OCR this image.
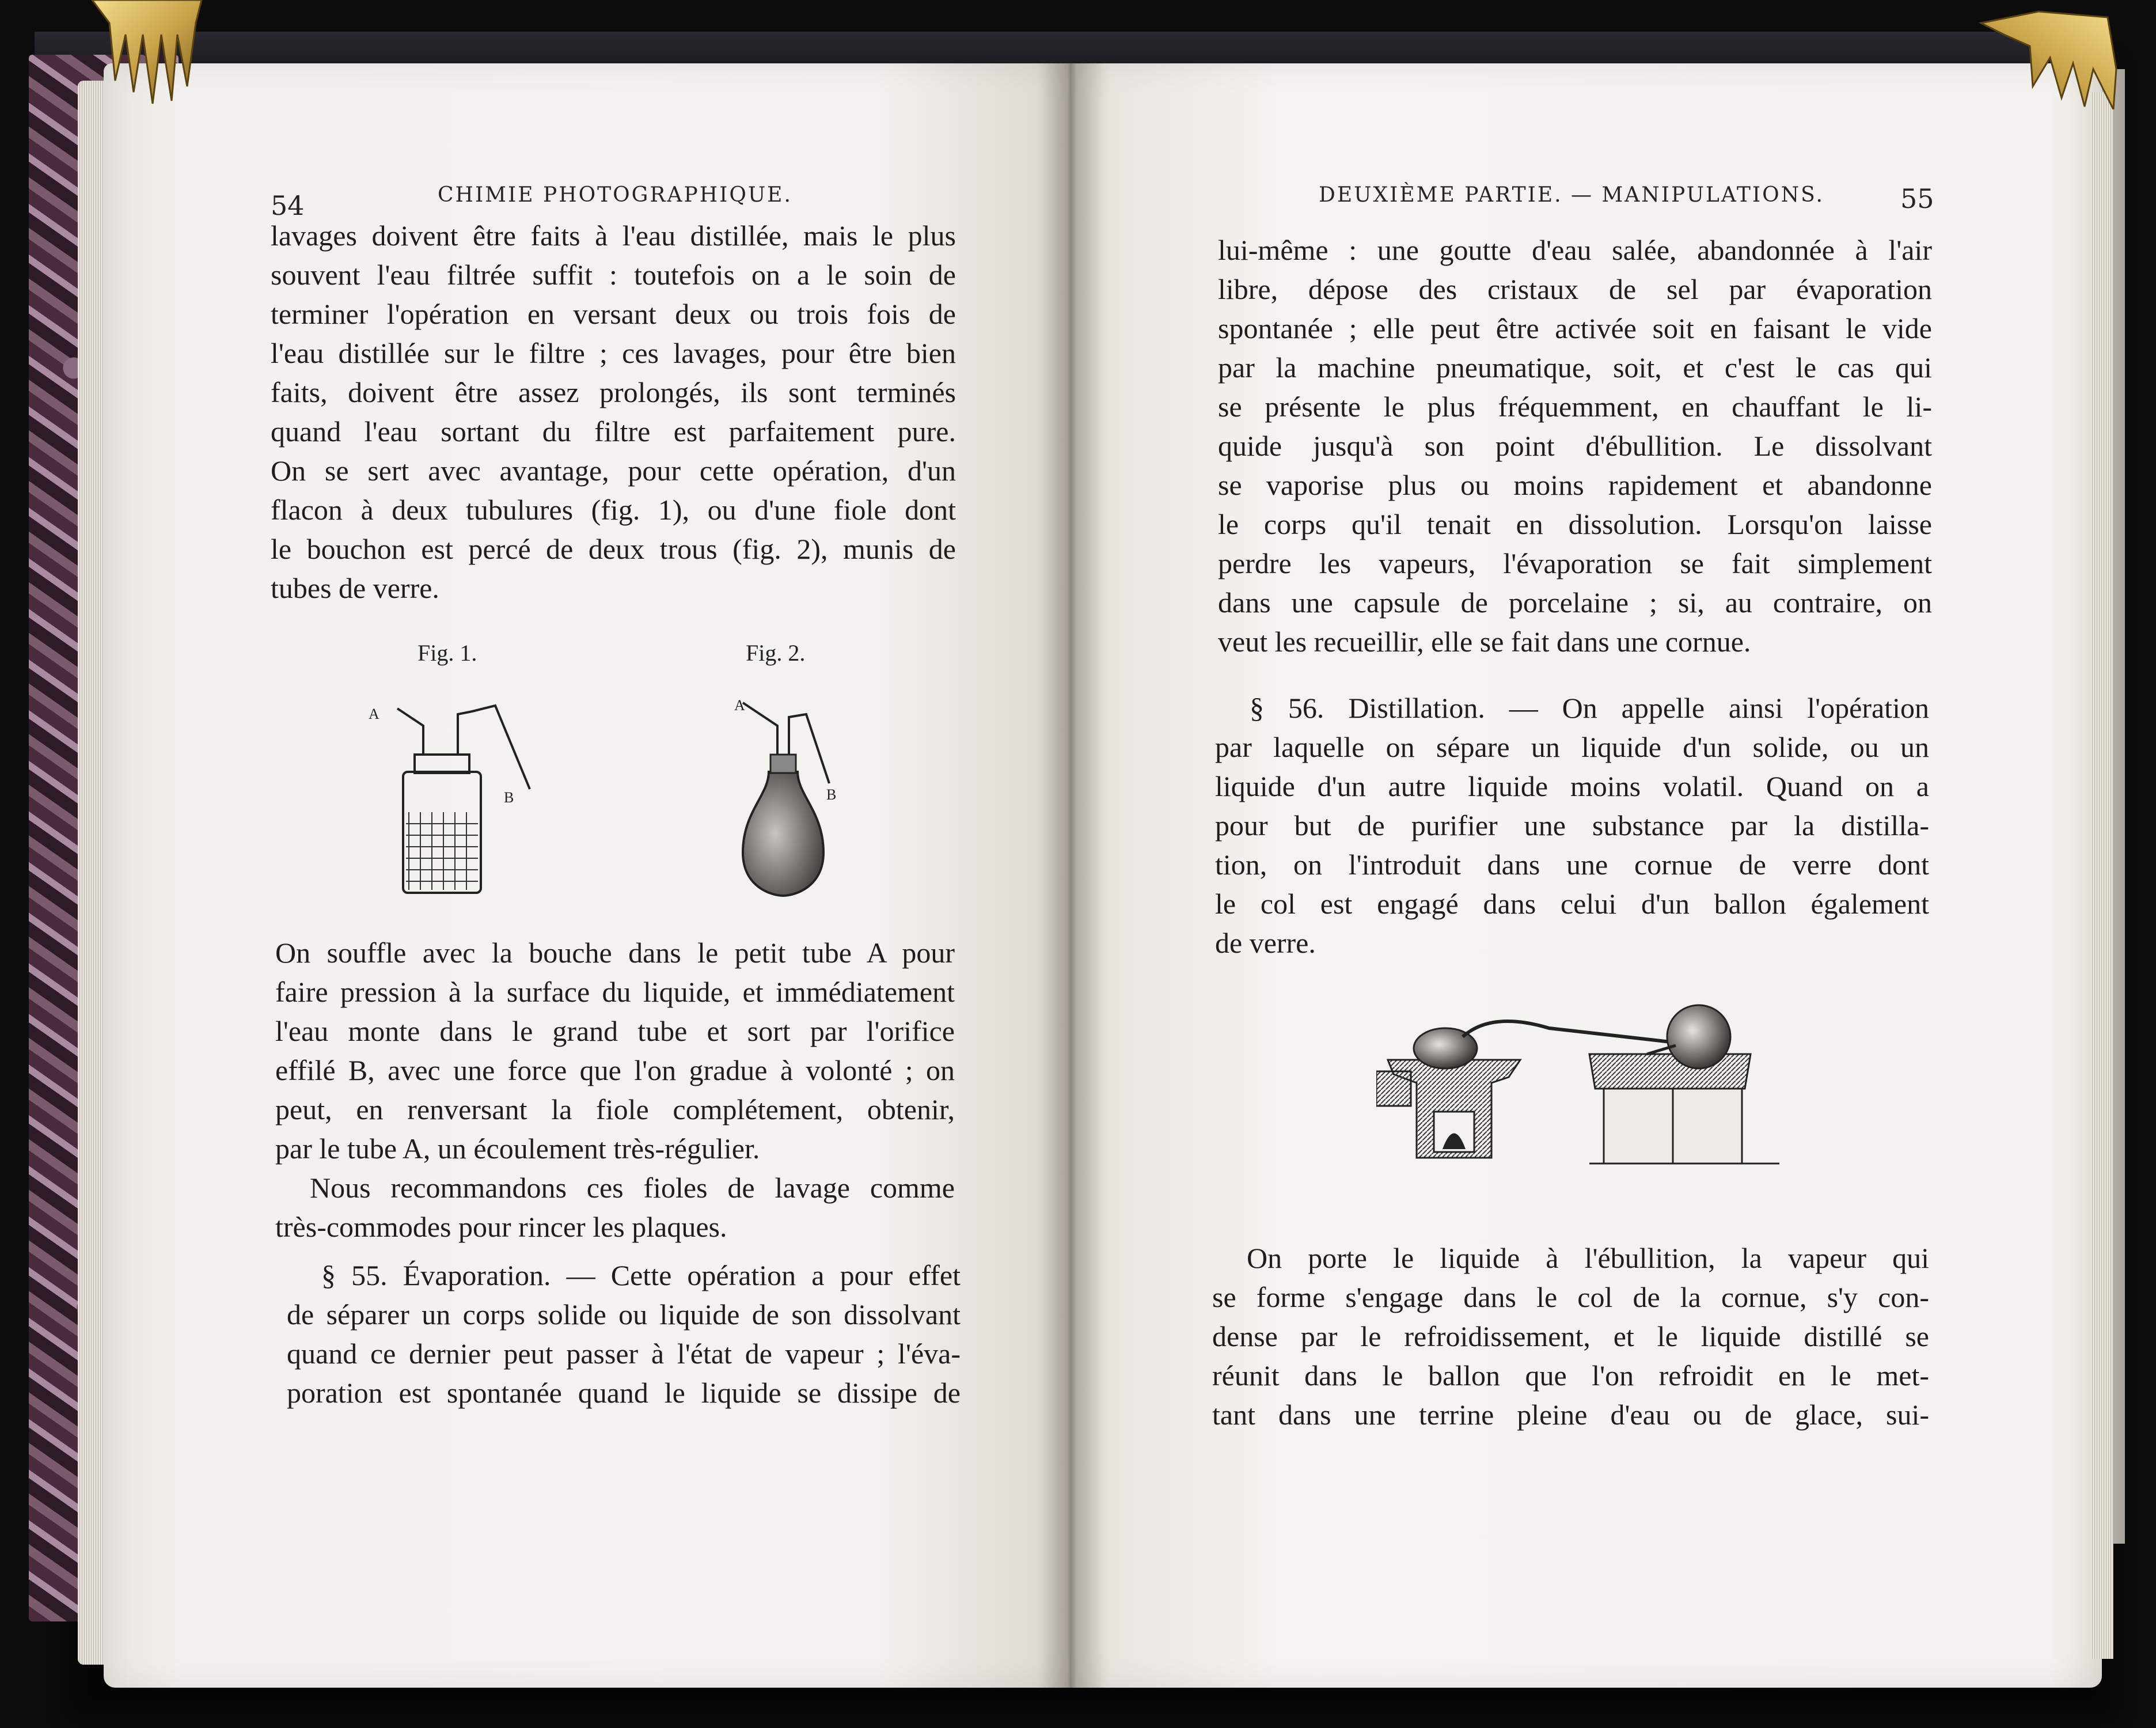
54	CHIMIE PHOTOGRAPHIQUE.
lavages doivent être faits à l'eau distillée, mais le plus
souvent l'eau filtrée suffit : toutefois on a le soin de
terminer l'opération en versant deux ou trois fois de
l'eau distillée sur le filtre ; ces lavages, pour être bien
faits, doivent être assez prolongés, ils sont terminés
quand l'eau sortant du filtre est parfaitement pure.
On se sert avec avantage, pour cette opération, d'un
flacon à deux tubulures (fig. 1), ou d'une fiole dont
le bouchon est percé de deux trous (fig. 2), munis de
tubes de verre.
Fig. 1.	Fig. 2.
A
B
A
B
On souffle avec la bouche dans le petit tube A pour
faire pression à la surface du liquide, et immédiatement
l'eau monte dans le grand tube et sort par l'orifice
effilé B, avec une force que l'on gradue à volonté ; on
peut, en renversant la fiole complétement, obtenir,
par le tube A, un écoulement très-régulier.
Nous recommandons ces fioles de lavage comme
très-commodes pour rincer les plaques.
§ 55. Évaporation. — Cette opération a pour effet
de séparer un corps solide ou liquide de son dissolvant
quand ce dernier peut passer à l'état de vapeur ; l'éva-
poration est spontanée quand le liquide se dissipe de
DEUXIÈME PARTIE. — MANIPULATIONS.	55
lui-même : une goutte d'eau salée, abandonnée à l'air
libre, dépose des cristaux de sel par évaporation
spontanée ; elle peut être activée soit en faisant le vide
par la machine pneumatique, soit, et c'est le cas qui
se présente le plus fréquemment, en chauffant le li-
quide jusqu'à son point d'ébullition. Le dissolvant
se vaporise plus ou moins rapidement et abandonne
le corps qu'il tenait en dissolution. Lorsqu'on laisse
perdre les vapeurs, l'évaporation se fait simplement
dans une capsule de porcelaine ; si, au contraire, on
veut les recueillir, elle se fait dans une cornue.
§ 56. Distillation. — On appelle ainsi l'opération
par laquelle on sépare un liquide d'un solide, ou un
liquide d'un autre liquide moins volatil. Quand on a
pour but de purifier une substance par la distilla-
tion, on l'introduit dans une cornue de verre dont
le col est engagé dans celui d'un ballon également
de verre.
On porte le liquide à l'ébullition, la vapeur qui
se forme s'engage dans le col de la cornue, s'y con-
dense par le refroidissement, et le liquide distillé se
réunit dans le ballon que l'on refroidit en le met-
tant dans une terrine pleine d'eau ou de glace, sui-
